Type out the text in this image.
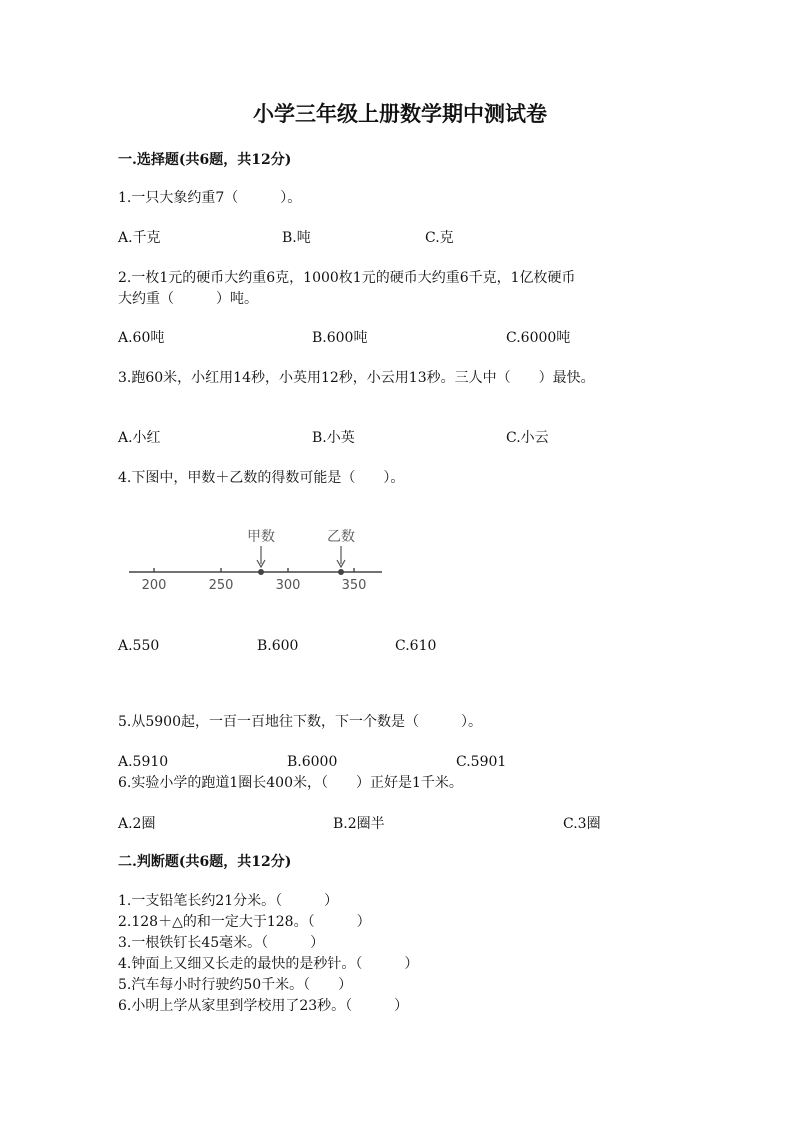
小学三年级上册数学期中测试卷
一.选择题(共6题，共12分)
1.一只大象约重7（　　　）。
A.千克	B.吨	C.克
2.一枚1元的硬币大约重6克，1000枚1元的硬币大约重6千克，1亿枚硬币
大约重（　　　）吨。
A.60吨	B.600吨	C.6000吨
3.跑60米，小红用14秒，小英用12秒，小云用13秒。三人中（　　）最快。
A.小红	B.小英	C.小云
4.下图中，甲数＋乙数的得数可能是（　　）。
200	250	300	350
甲数	乙数
A.550	B.600	C.610
5.从5900起，一百一百地往下数，下一个数是（　　　）。
A.5910	B.6000	C.5901
6.实验小学的跑道1圈长400米，（　　）正好是1千米。
A.2圈	B.2圈半	C.3圈
二.判断题(共6题，共12分)
1.一支铅笔长约21分米。（　　　）
2.128＋△的和一定大于128。（　　　）
3.一根铁钉长45毫米。（　　　）
4.钟面上又细又长走的最快的是秒针。（　　　）
5.汽车每小时行驶约50千米。（　　）
6.小明上学从家里到学校用了23秒。（　　　）
